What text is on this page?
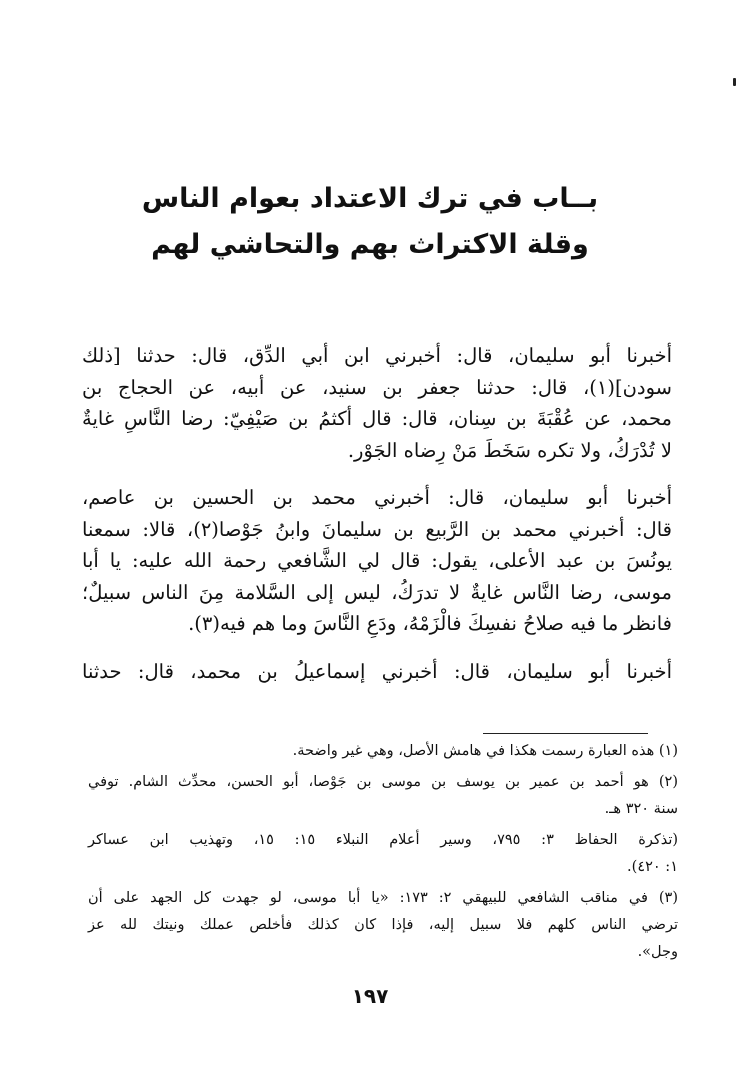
بــاب في ترك الاعتداد بعوام الناس
وقلة الاكتراث بهم والتحاشي لهم

أخبرنا أبو سليمان، قال: أخبرني ابن أبي الدِّق، قال: حدثنا [ذلك
سودن](١)، قال: حدثنا جعفر بن سنيد، عن أبيه، عن الحجاج بن
محمد، عن عُقْبَةَ بن سِنان، قال: قال أكثمُ بن صَيْفِيّ: رضا النَّاسِ غايةٌ
لا تُدْرَكُ، ولا تكره سَخَطَ مَنْ رِضاه الجَوْر.

أخبرنا أبو سليمان، قال: أخبرني محمد بن الحسين بن عاصم،
قال: أخبرني محمد بن الرَّبيع بن سليمانَ وابنُ جَوْصا(٢)، قالا: سمعنا
يونُسَ بن عبد الأعلى، يقول: قال لي الشَّافعي رحمة الله عليه: يا أبا
موسى، رضا النَّاس غايةٌ لا تدرَكُ، ليس إلى السَّلامة مِنَ الناس سبيلٌ؛
فانظر ما فيه صلاحُ نفسِكَ فالْزَمْهُ، ودَعِ النَّاسَ وما هم فيه(٣).

أخبرنا أبو سليمان، قال: أخبرني إسماعيلُ بن محمد، قال: حدثنا

(١) هذه العبارة رسمت هكذا في هامش الأصل، وهي غير واضحة.
(٢) هو أحمد بن عمير بن يوسف بن موسى بن جَوْصا، أبو الحسن، محدِّث الشام. توفي
سنة ٣٢٠ هـ.
(تذكرة الحفاظ ٣: ٧٩٥، وسير أعلام النبلاء ١٥: ١٥، وتهذيب ابن عساكر
١: ٤٢٠).
(٣) في مناقب الشافعي للبيهقي ٢: ١٧٣: «يا أبا موسى، لو جهدت كل الجهد على أن
ترضي الناس كلهم فلا سبيل إليه، فإذا كان كذلك فأخلص عملك ونيتك لله عز
وجل».
١٩٧
